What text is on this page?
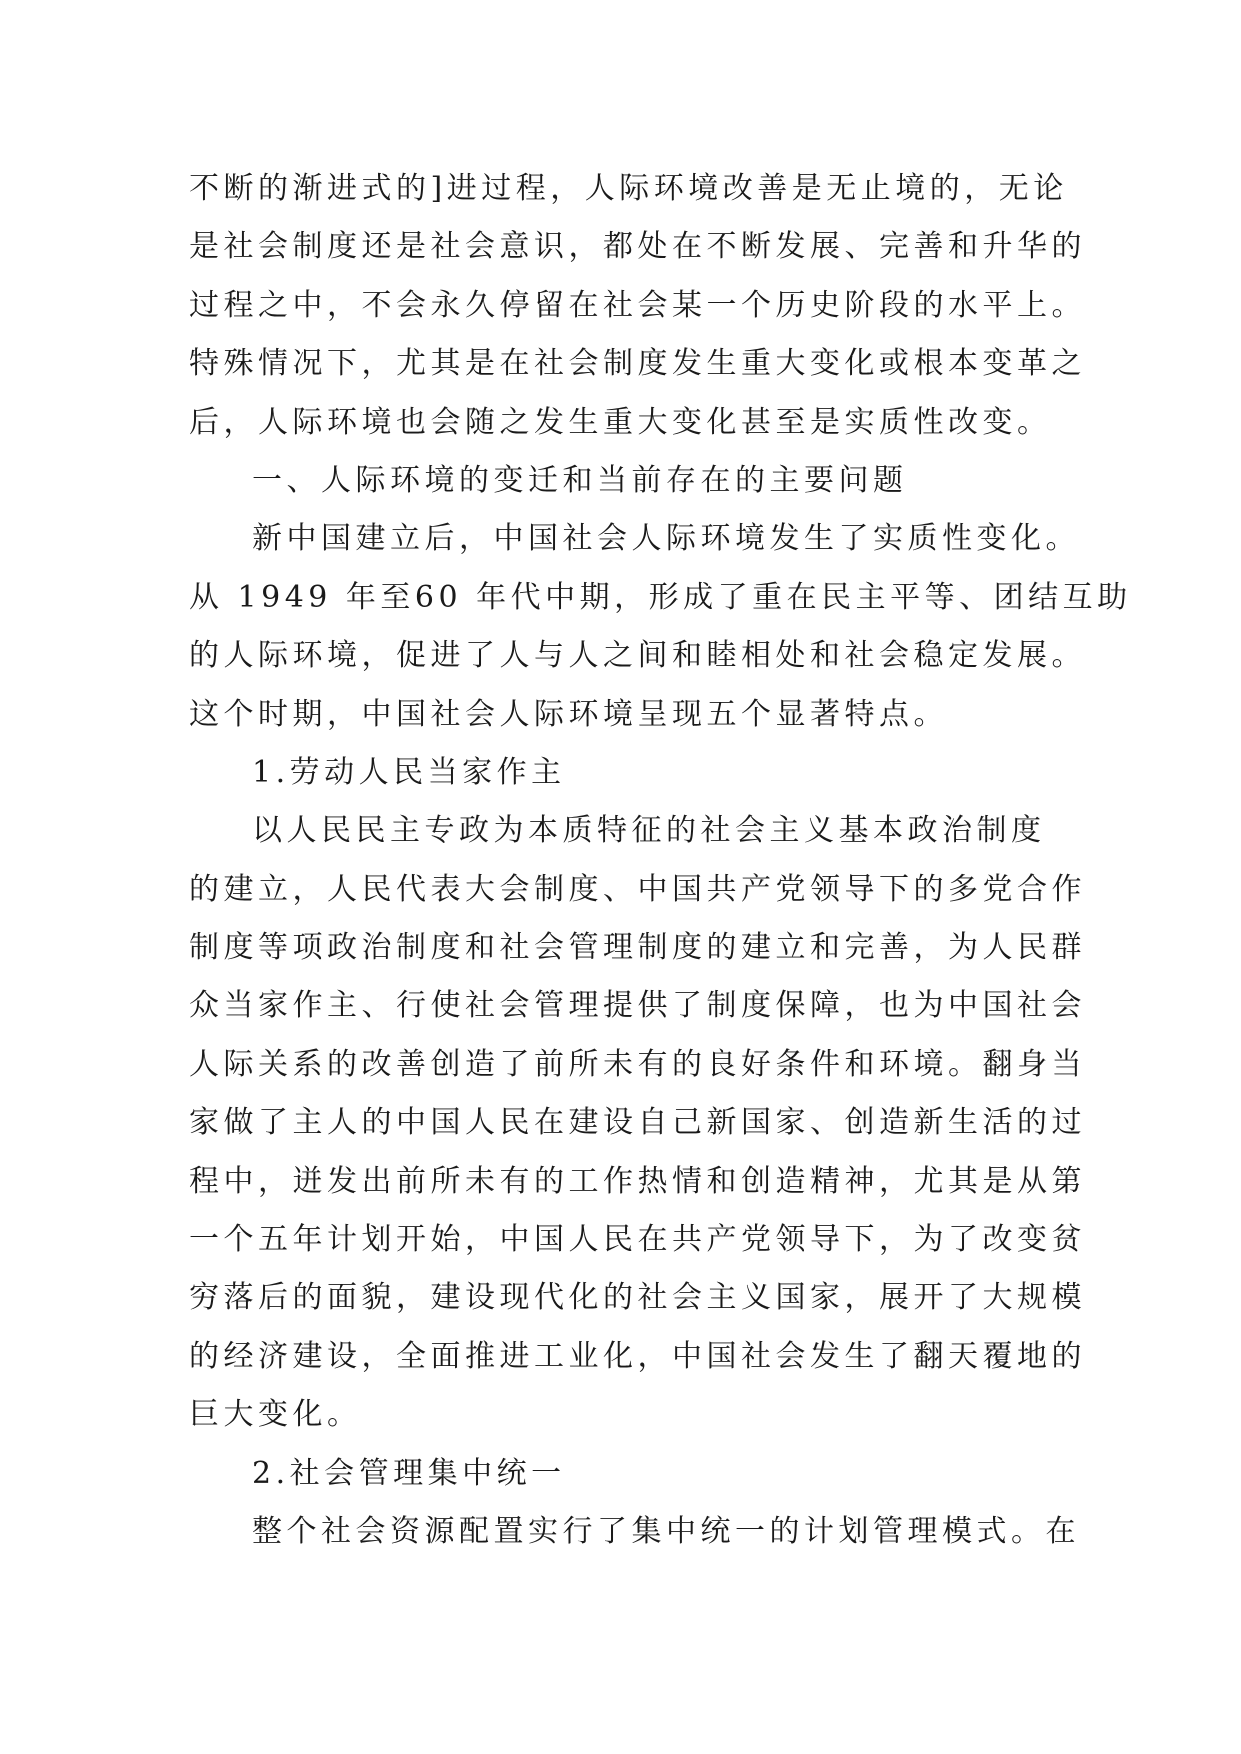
不断的渐进式的]进过程，人际环境改善是无止境的，无论
是社会制度还是社会意识，都处在不断发展、完善和升华的
过程之中，不会永久停留在社会某一个历史阶段的水平上。
特殊情况下，尤其是在社会制度发生重大变化或根本变革之
后，人际环境也会随之发生重大变化甚至是实质性改变。
一、人际环境的变迁和当前存在的主要问题
新中国建立后，中国社会人际环境发生了实质性变化。
从 1949 年至60 年代中期，形成了重在民主平等、团结互助
的人际环境，促进了人与人之间和睦相处和社会稳定发展。
这个时期，中国社会人际环境呈现五个显著特点。
1.劳动人民当家作主
以人民民主专政为本质特征的社会主义基本政治制度
的建立，人民代表大会制度、中国共产党领导下的多党合作
制度等项政治制度和社会管理制度的建立和完善，为人民群
众当家作主、行使社会管理提供了制度保障，也为中国社会
人际关系的改善创造了前所未有的良好条件和环境。翻身当
家做了主人的中国人民在建设自己新国家、创造新生活的过
程中，迸发出前所未有的工作热情和创造精神，尤其是从第
一个五年计划开始，中国人民在共产党领导下，为了改变贫
穷落后的面貌，建设现代化的社会主义国家，展开了大规模
的经济建设，全面推进工业化，中国社会发生了翻天覆地的
巨大变化。
2.社会管理集中统一
整个社会资源配置实行了集中统一的计划管理模式。在
